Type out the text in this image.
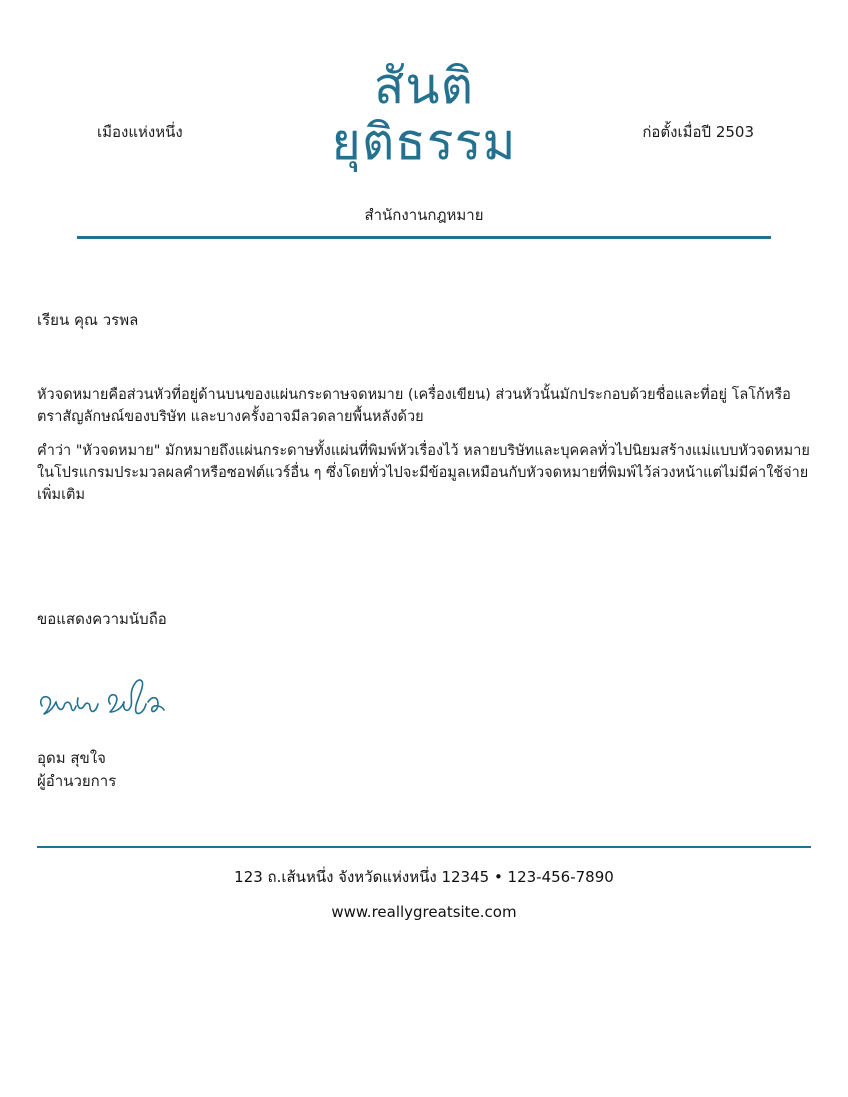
เมืองแห่งหนึ่ง
สันติ
ยุติธรรม	ก่อตั้งเมื่อปี 2503
สำนักงานกฎหมาย
เรียน คุณ วรพล
หัวจดหมายคือส่วนหัวที่อยู่ด้านบนของแผ่นกระดาษจดหมาย (เครื่องเขียน) ส่วนหัวนั้นมักประกอบด้วยชื่อและที่อยู่ โลโก้หรือตราสัญลักษณ์ของบริษัท และบางครั้งอาจมีลวดลายพื้นหลังด้วย
คำว่า "หัวจดหมาย" มักหมายถึงแผ่นกระดาษทั้งแผ่นที่พิมพ์หัวเรื่องไว้ หลายบริษัทและบุคคลทั่วไปนิยมสร้างแม่แบบหัวจดหมายในโปรแกรมประมวลผลคำหรือซอฟต์แวร์อื่น ๆ ซึ่งโดยทั่วไปจะมีข้อมูลเหมือนกับหัวจดหมายที่พิมพ์ไว้ล่วงหน้าแต่ไม่มีค่าใช้จ่ายเพิ่มเติม
ขอแสดงความนับถือ
อุดม สุขใจ
ผู้อำนวยการ
123 ถ.เส้นหนึ่ง จังหวัดแห่งหนึ่ง 12345 • 123-456-7890
www.reallygreatsite.com
